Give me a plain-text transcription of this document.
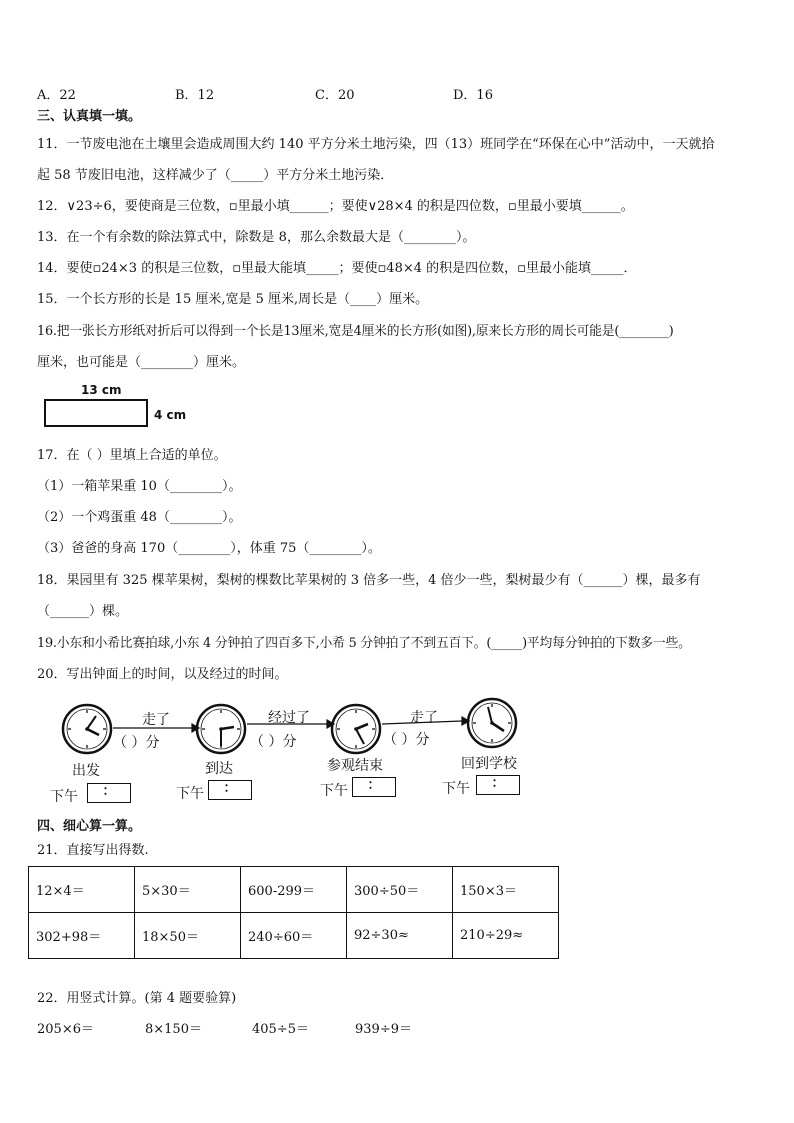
A．22	B．12	C．20	D．16
三、认真填一填。
11．一节废电池在土壤里会造成周围大约 140 平方分米土地污染，四（13）班同学在“环保在心中”活动中，一天就拾
起 58 节废旧电池，这样减少了（_____）平方分米土地污染．
12．∨23÷6，要使商是三位数，▫里最小填______；要使∨28×4 的积是四位数，▫里最小要填______。
13．在一个有余数的除法算式中，除数是 8，那么余数最大是（________）。
14．要使▫24×3 的积是三位数，▫里最大能填_____；要使▫48×4 的积是四位数，▫里最小能填_____．
15．一个长方形的长是 15 厘米,宽是 5 厘米,周长是（____）厘米。
16.把一张长方形纸对折后可以得到一个长是13厘米,宽是4厘米的长方形(如图),原来长方形的周长可能是(________)
厘米，也可能是（________）厘米。
13 cm
4 cm
17．在（ ）里填上合适的单位。
（1）一箱苹果重 10（________）。
（2）一个鸡蛋重 48（________）。
（3）爸爸的身高 170（________），体重 75（________）。
18．果园里有 325 棵苹果树，梨树的棵数比苹果树的 3 倍多一些，4 倍少一些，梨树最少有（______）棵，最多有
（______）棵。
19.小东和小希比赛拍球,小东 4 分钟拍了四百多下,小希 5 分钟拍了不到五百下。(_____)平均每分钟拍的下数多一些。
20．写出钟面上的时间，以及经过的时间。
走了	经过了	走了
（ ）分	（ ）分	（ ）分
出发	到达	参观结束	回到学校
下午	：	下午	：	下午	：	下午	：
四、细心算一算。
21．直接写出得数.
12×4＝	5×30＝	600-299＝	300÷50＝	150×3＝
302+98＝	18×50＝	240÷60＝	92÷30≈	210÷29≈
22．用竖式计算。(第 4 题要验算)
205×6＝	8×150＝	405÷5＝	939÷9＝
